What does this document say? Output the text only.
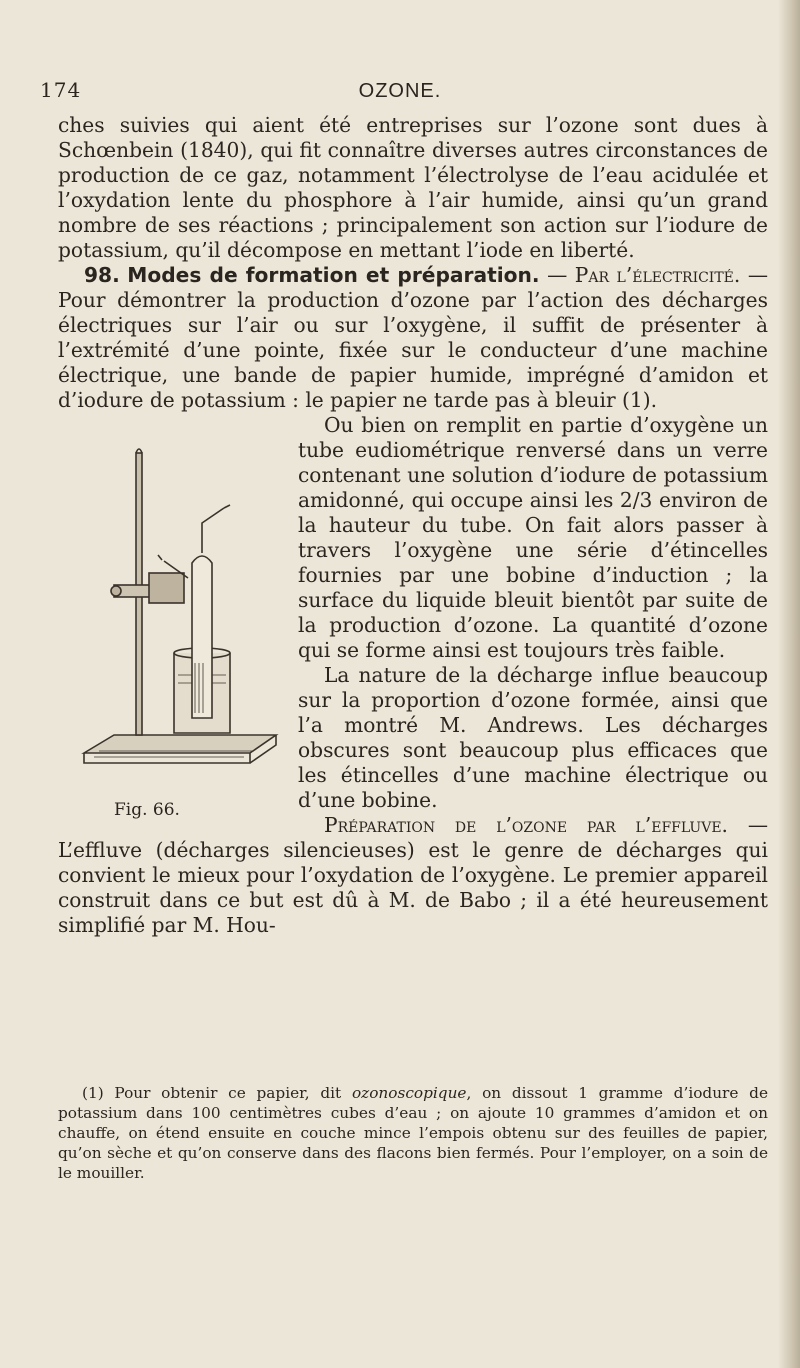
174	OZONE.

ches suivies qui aient été entreprises sur l’ozone sont dues à Schœnbein (1840), qui fit connaître diverses autres circonstances de production de ce gaz, notamment l’électrolyse de l’eau acidulée et l’oxydation lente du phosphore à l’air humide, ainsi qu’un grand nombre de ses réactions ; principalement son action sur l’iodure de potassium, qu’il décompose en mettant l’iode en liberté.

98. Modes de formation et préparation. — Par l’électricité. — Pour démontrer la production d’ozone par l’action des décharges électriques sur l’air ou sur l’oxygène, il suffit de présenter à l’extrémité d’une pointe, fixée sur le conducteur d’une machine électrique, une bande de papier humide, imprégné d’amidon et d’iodure de potassium : le papier ne tarde pas à bleuir (1).

Fig. 66.

Ou bien on remplit en partie d’oxygène un tube eudiométrique renversé dans un verre contenant une solution d’iodure de potassium amidonné, qui occupe ainsi les 2/3 environ de la hauteur du tube. On fait alors passer à travers l’oxygène une série d’étincelles fournies par une bobine d’induction ; la surface du liquide bleuit bientôt par suite de la production d’ozone. La quantité d’ozone qui se forme ainsi est toujours très faible.

La nature de la décharge influe beaucoup sur la proportion d’ozone formée, ainsi que l’a montré M. Andrews. Les décharges obscures sont beaucoup plus efficaces que les étincelles d’une machine électrique ou d’une bobine.

Préparation de l’ozone par l’effluve. — L’effluve (décharges silencieuses) est le genre de décharges qui convient le mieux pour l’oxydation de l’oxygène. Le premier appareil construit dans ce but est dû à M. de Babo ; il a été heureusement simplifié par M. Hou-

(1) Pour obtenir ce papier, dit ozonoscopique, on dissout 1 gramme d’iodure de potassium dans 100 centimètres cubes d’eau ; on ajoute 10 grammes d’amidon et on chauffe, on étend ensuite en couche mince l’empois obtenu sur des feuilles de papier, qu’on sèche et qu’on conserve dans des flacons bien fermés. Pour l’employer, on a soin de le mouiller.
